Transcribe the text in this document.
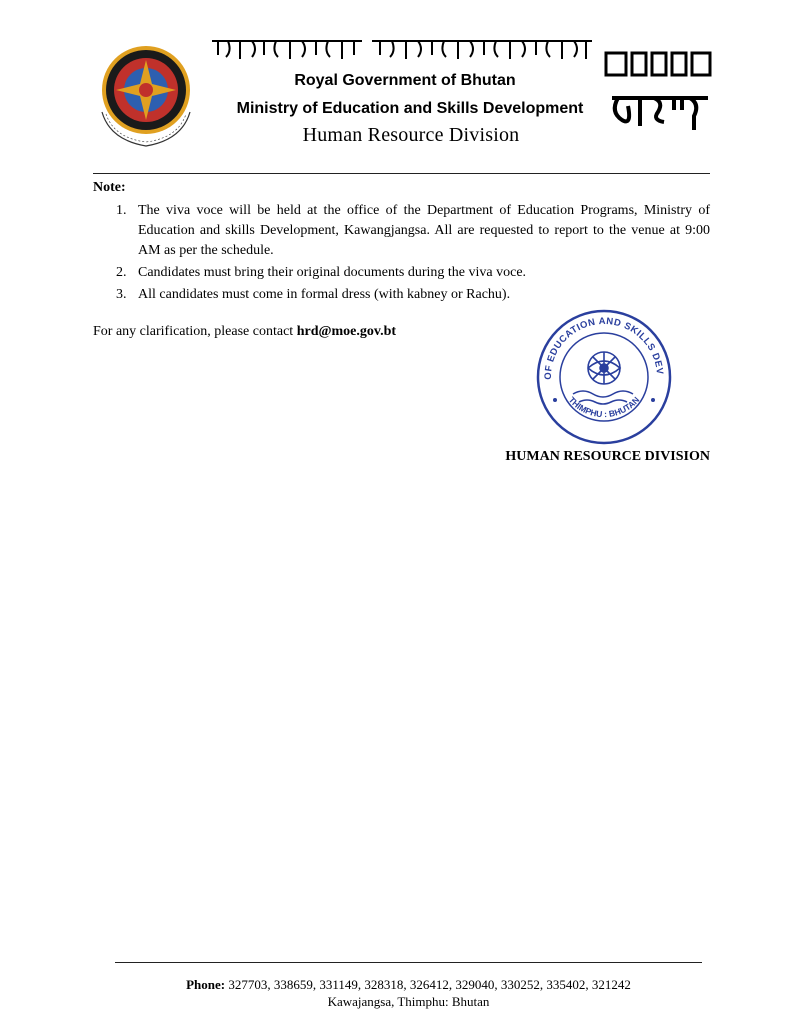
Royal Government of Bhutan
Ministry of Education and Skills Development
Human Resource Division
Note:
1. The viva voce will be held at the office of the Department of Education Programs, Ministry of Education and skills Development, Kawangjangsa. All are requested to report to the venue at 9:00 AM as per the schedule.
2. Candidates must bring their original documents during the viva voce.
3. All candidates must come in formal dress (with kabney or Rachu).
For any clarification, please contact hrd@moe.gov.bt
OF EDUCATION AND SKILLS DEV
THIMPHU : BHUTAN
HUMAN RESOURCE DIVISION
Phone: 327703, 338659, 331149, 328318, 326412, 329040, 330252, 335402, 321242
Kawajangsa, Thimphu: Bhutan
